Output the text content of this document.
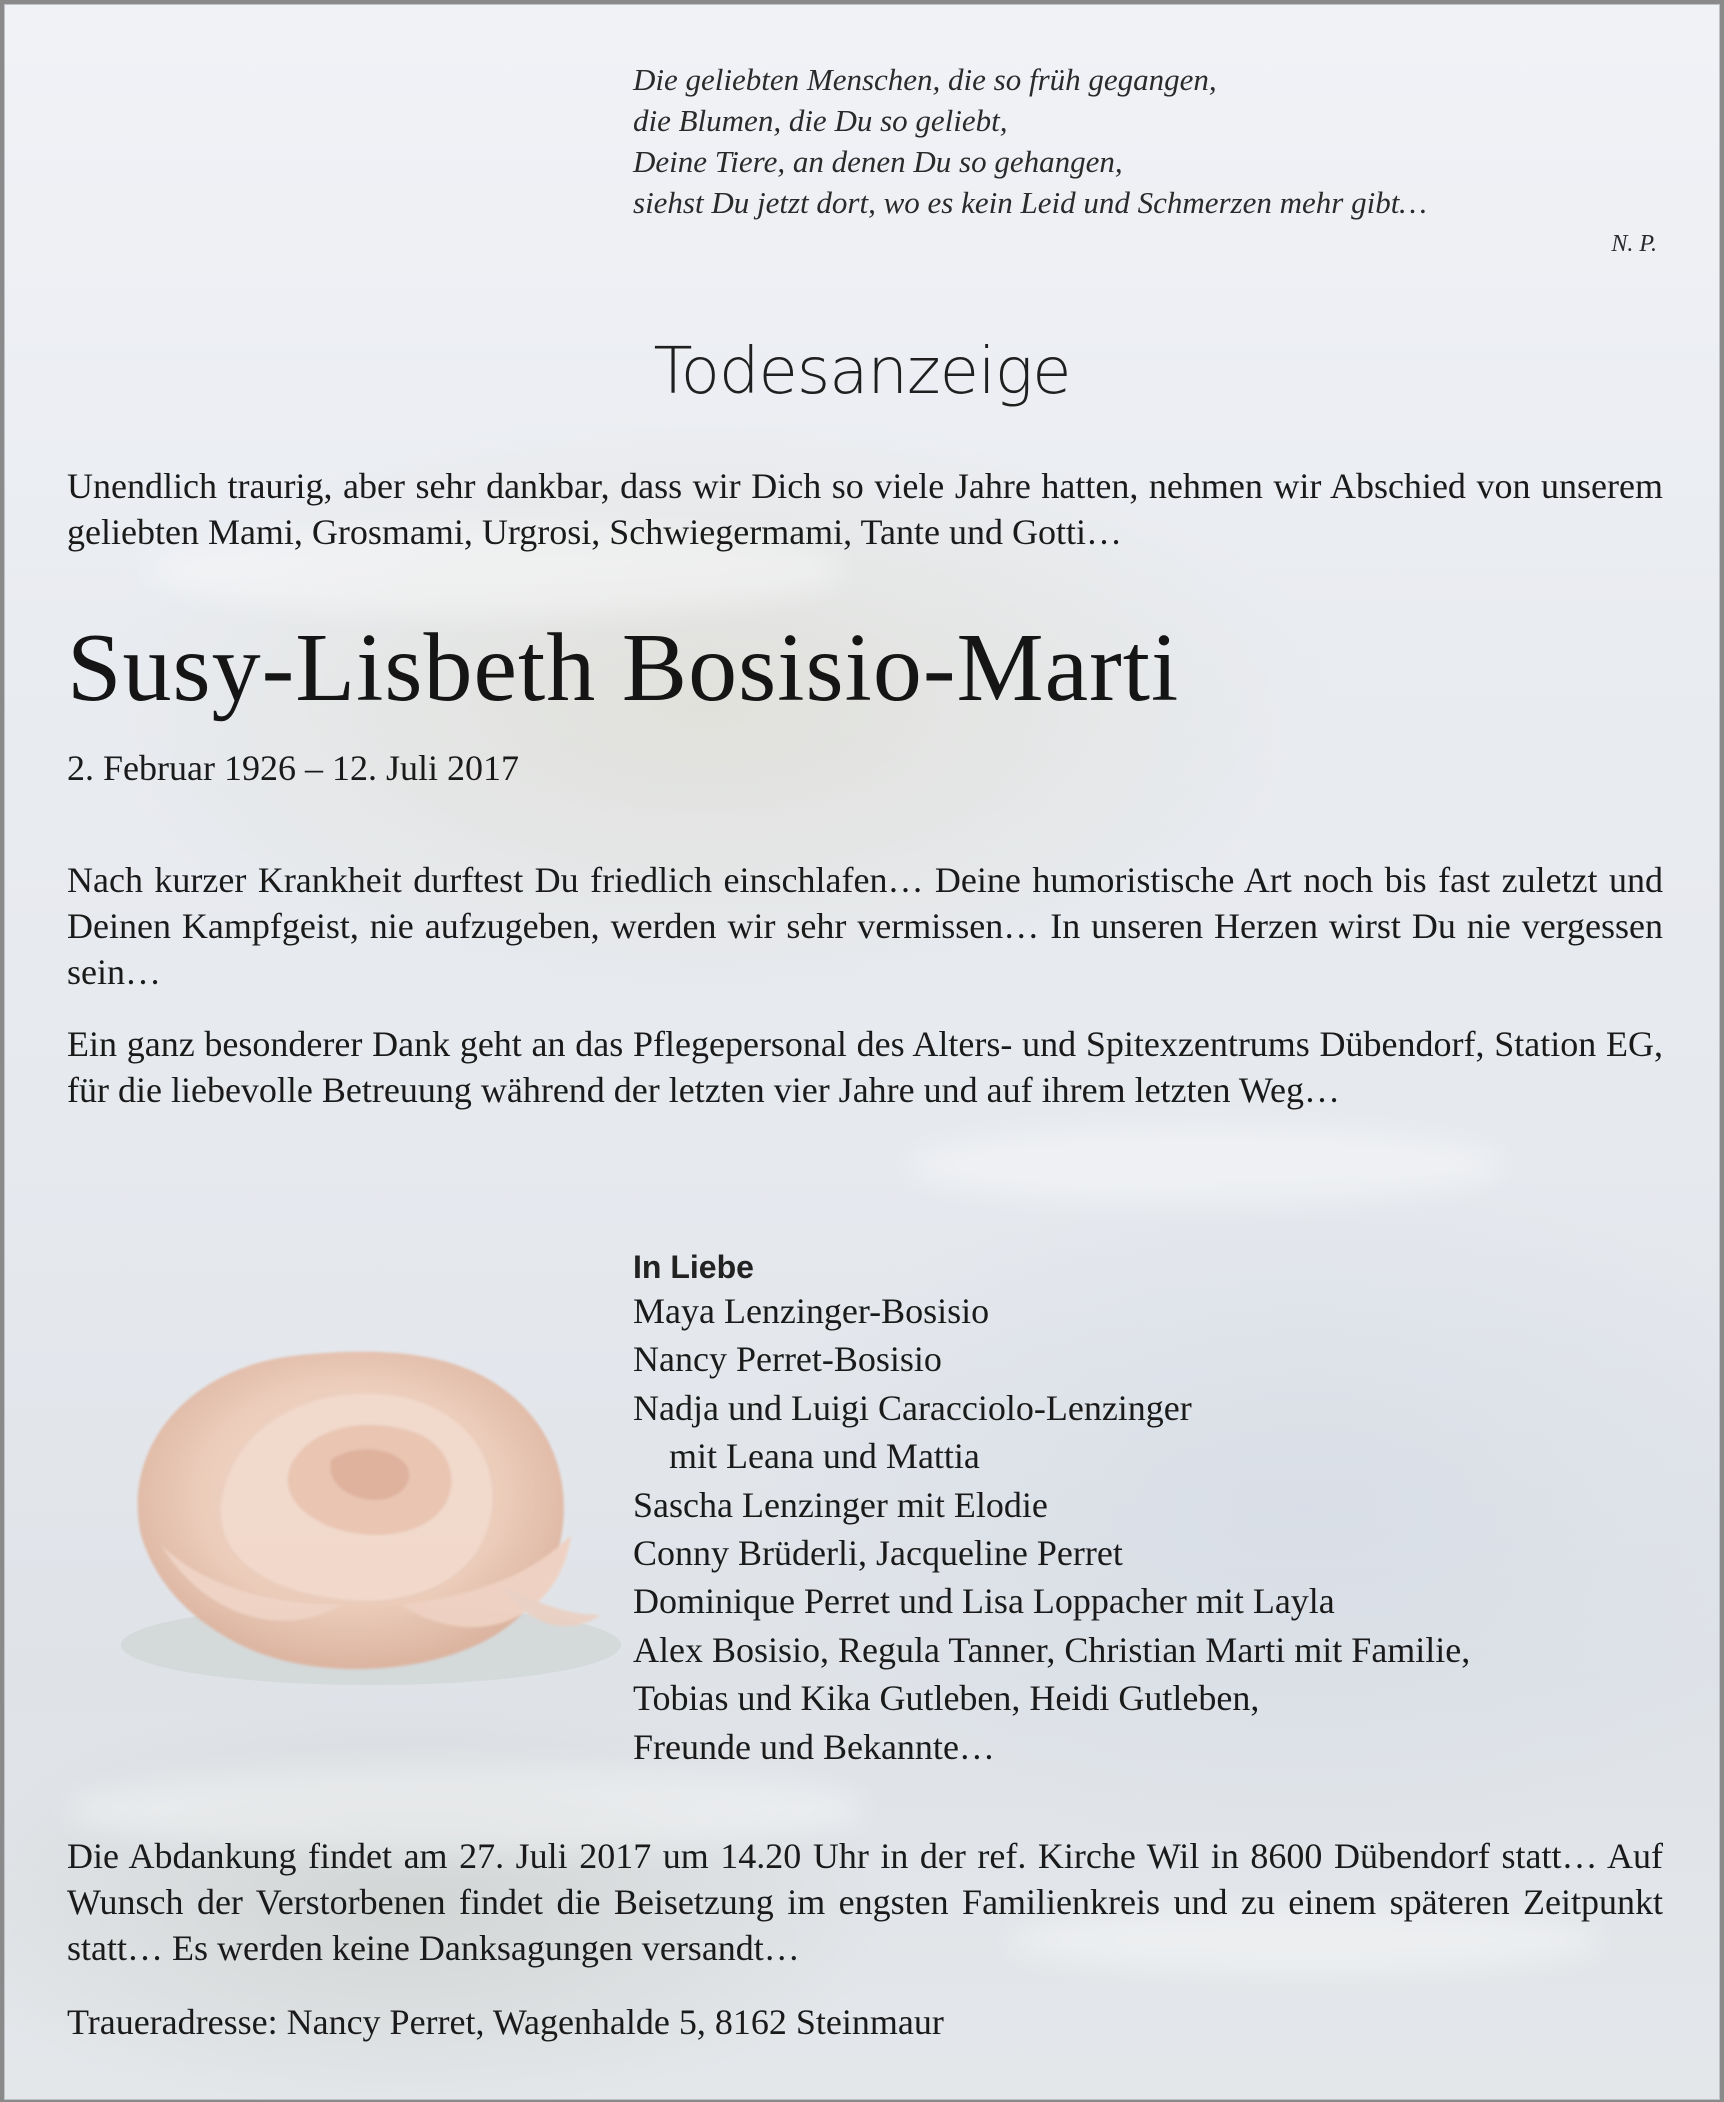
Die geliebten Menschen, die so früh gegangen,
die Blumen, die Du so geliebt,
Deine Tiere, an denen Du so gehangen,
siehst Du jetzt dort, wo es kein Leid und Schmerzen mehr gibt…
N. P.
Todesanzeige
Unendlich traurig, aber sehr dankbar, dass wir Dich so viele Jahre hatten, nehmen wir Abschied von unserem geliebten Mami, Grosmami, Urgrosi, Schwiegermami, Tante und Gotti…
Susy-Lisbeth Bosisio-Marti
2. Februar 1926 – 12. Juli 2017
Nach kurzer Krankheit durftest Du friedlich einschlafen… Deine humoristische Art noch bis fast zuletzt und Deinen Kampfgeist, nie aufzugeben, werden wir sehr vermissen… In unseren Herzen wirst Du nie vergessen sein…
Ein ganz besonderer Dank geht an das Pflegepersonal des Alters- und Spitexzentrums Dübendorf, Station EG, für die liebevolle Betreuung während der letzten vier Jahre und auf ihrem letzten Weg…
In Liebe
Maya Lenzinger-Bosisio
Nancy Perret-Bosisio
Nadja und Luigi Caracciolo-Lenzinger
mit Leana und Mattia
Sascha Lenzinger mit Elodie
Conny Brüderli, Jacqueline Perret
Dominique Perret und Lisa Loppacher mit Layla
Alex Bosisio, Regula Tanner, Christian Marti mit Familie,
Tobias und Kika Gutleben, Heidi Gutleben,
Freunde und Bekannte…
Die Abdankung findet am 27. Juli 2017 um 14.20 Uhr in der ref. Kirche Wil in 8600 Dübendorf statt… Auf Wunsch der Verstorbenen findet die Beisetzung im engsten Familienkreis und zu einem späteren Zeitpunkt statt… Es werden keine Danksagungen versandt…
Traueradresse: Nancy Perret, Wagenhalde 5, 8162 Steinmaur
